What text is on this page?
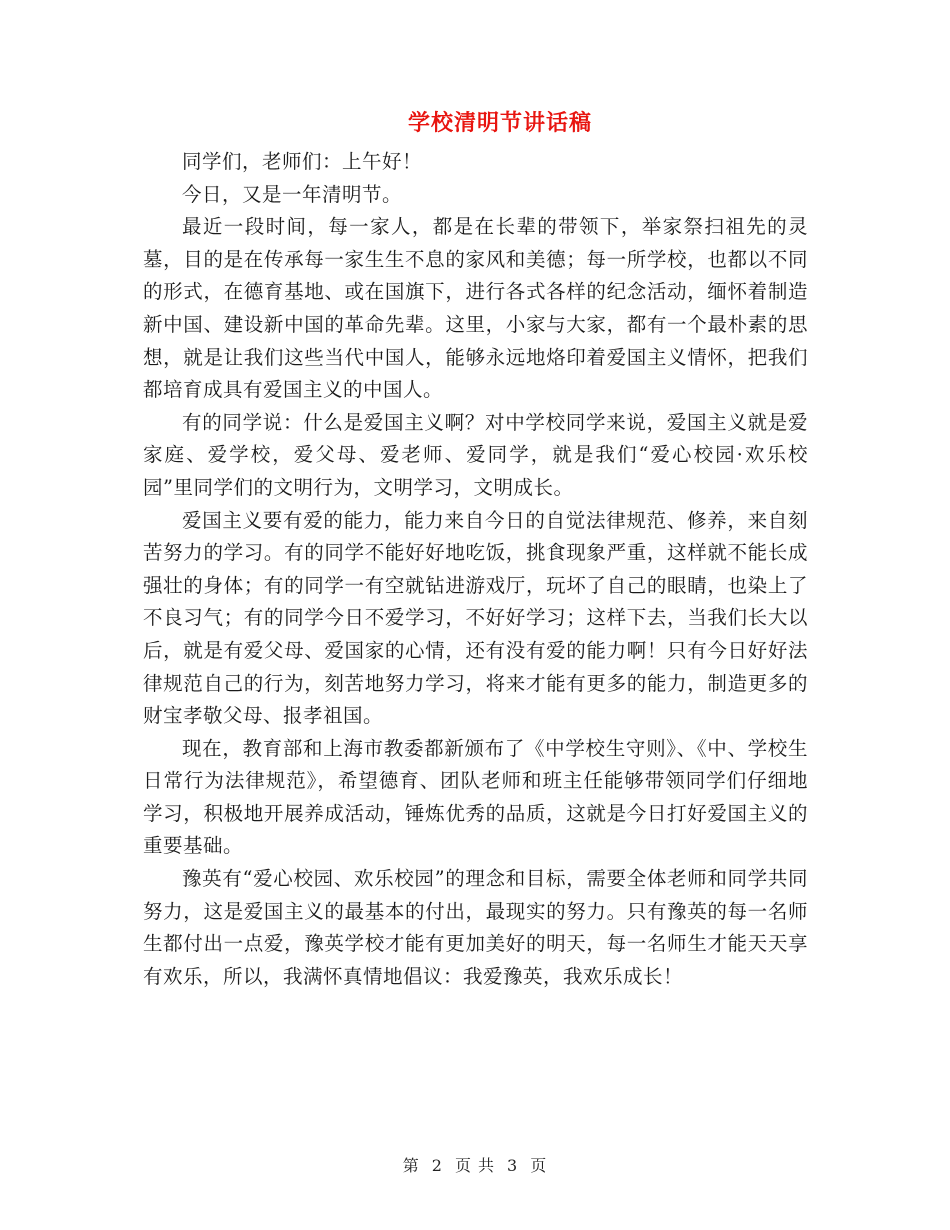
学校清明节讲话稿

同学们，老师们：上午好！

今日，又是一年清明节。

最近一段时间，每一家人，都是在长辈的带领下，举家祭扫祖先的灵墓，目的是在传承每一家生生不息的家风和美德；每一所学校，也都以不同的形式，在德育基地、或在国旗下，进行各式各样的纪念活动，缅怀着制造新中国、建设新中国的革命先辈。这里，小家与大家，都有一个最朴素的思想，就是让我们这些当代中国人，能够永远地烙印着爱国主义情怀，把我们都培育成具有爱国主义的中国人。

有的同学说：什么是爱国主义啊？对中学校同学来说，爱国主义就是爱家庭、爱学校，爱父母、爱老师、爱同学，就是我们“爱心校园·欢乐校园”里同学们的文明行为，文明学习，文明成长。

爱国主义要有爱的能力，能力来自今日的自觉法律规范、修养，来自刻苦努力的学习。有的同学不能好好地吃饭，挑食现象严重，这样就不能长成强壮的身体；有的同学一有空就钻进游戏厅，玩坏了自己的眼睛，也染上了不良习气；有的同学今日不爱学习，不好好学习；这样下去，当我们长大以后，就是有爱父母、爱国家的心情，还有没有爱的能力啊！只有今日好好法律规范自己的行为，刻苦地努力学习，将来才能有更多的能力，制造更多的财宝孝敬父母、报孝祖国。

现在，教育部和上海市教委都新颁布了《中学校生守则》、《中、学校生日常行为法律规范》，希望德育、团队老师和班主任能够带领同学们仔细地学习，积极地开展养成活动，锤炼优秀的品质，这就是今日打好爱国主义的重要基础。

豫英有“爱心校园、欢乐校园”的理念和目标，需要全体老师和同学共同努力，这是爱国主义的最基本的付出，最现实的努力。只有豫英的每一名师生都付出一点爱，豫英学校才能有更加美好的明天，每一名师生才能天天享有欢乐，所以，我满怀真情地倡议：我爱豫英，我欢乐成长！

第 2 页 共 3 页
